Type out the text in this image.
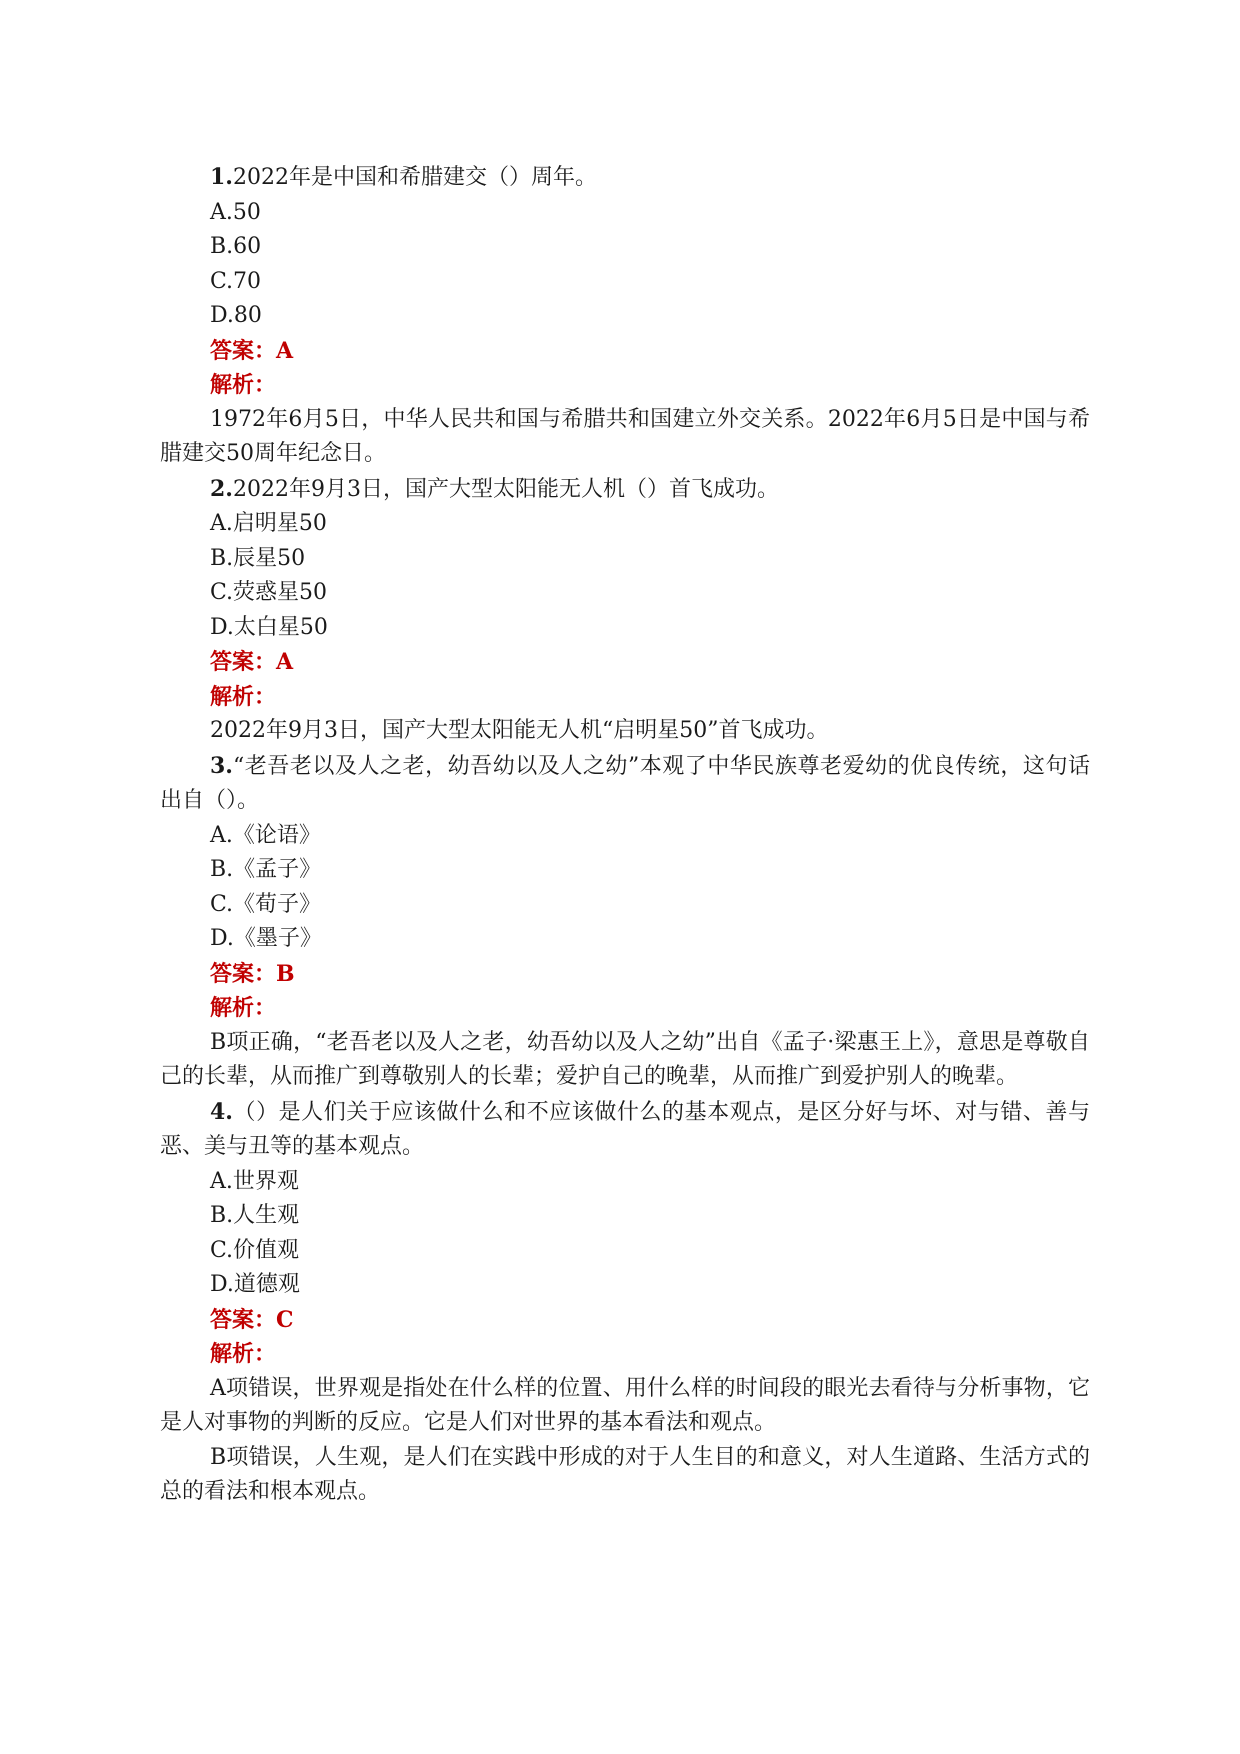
1.2022年是中国和希腊建交（）周年。

A.50

B.60

C.70

D.80

答案：A

解析：

1972年6月5日，中华人民共和国与希腊共和国建立外交关系。2022年6月5日是中国与希腊建交50周年纪念日。

2.2022年9月3日，国产大型太阳能无人机（）首飞成功。

A.启明星50

B.辰星50

C.荧惑星50

D.太白星50

答案：A

解析：

2022年9月3日，国产大型太阳能无人机“启明星50”首飞成功。

3.“老吾老以及人之老，幼吾幼以及人之幼”本观了中华民族尊老爱幼的优良传统，这句话出自（）。

A.《论语》

B.《孟子》

C.《荀子》

D.《墨子》

答案：B

解析：

B项正确，“老吾老以及人之老，幼吾幼以及人之幼”出自《孟子·梁惠王上》，意思是尊敬自己的长辈，从而推广到尊敬别人的长辈；爱护自己的晚辈，从而推广到爱护别人的晚辈。

4.（）是人们关于应该做什么和不应该做什么的基本观点，是区分好与坏、对与错、善与恶、美与丑等的基本观点。

A.世界观

B.人生观

C.价值观

D.道德观

答案：C

解析：

A项错误，世界观是指处在什么样的位置、用什么样的时间段的眼光去看待与分析事物，它是人对事物的判断的反应。它是人们对世界的基本看法和观点。

B项错误，人生观，是人们在实践中形成的对于人生目的和意义，对人生道路、生活方式的总的看法和根本观点。
